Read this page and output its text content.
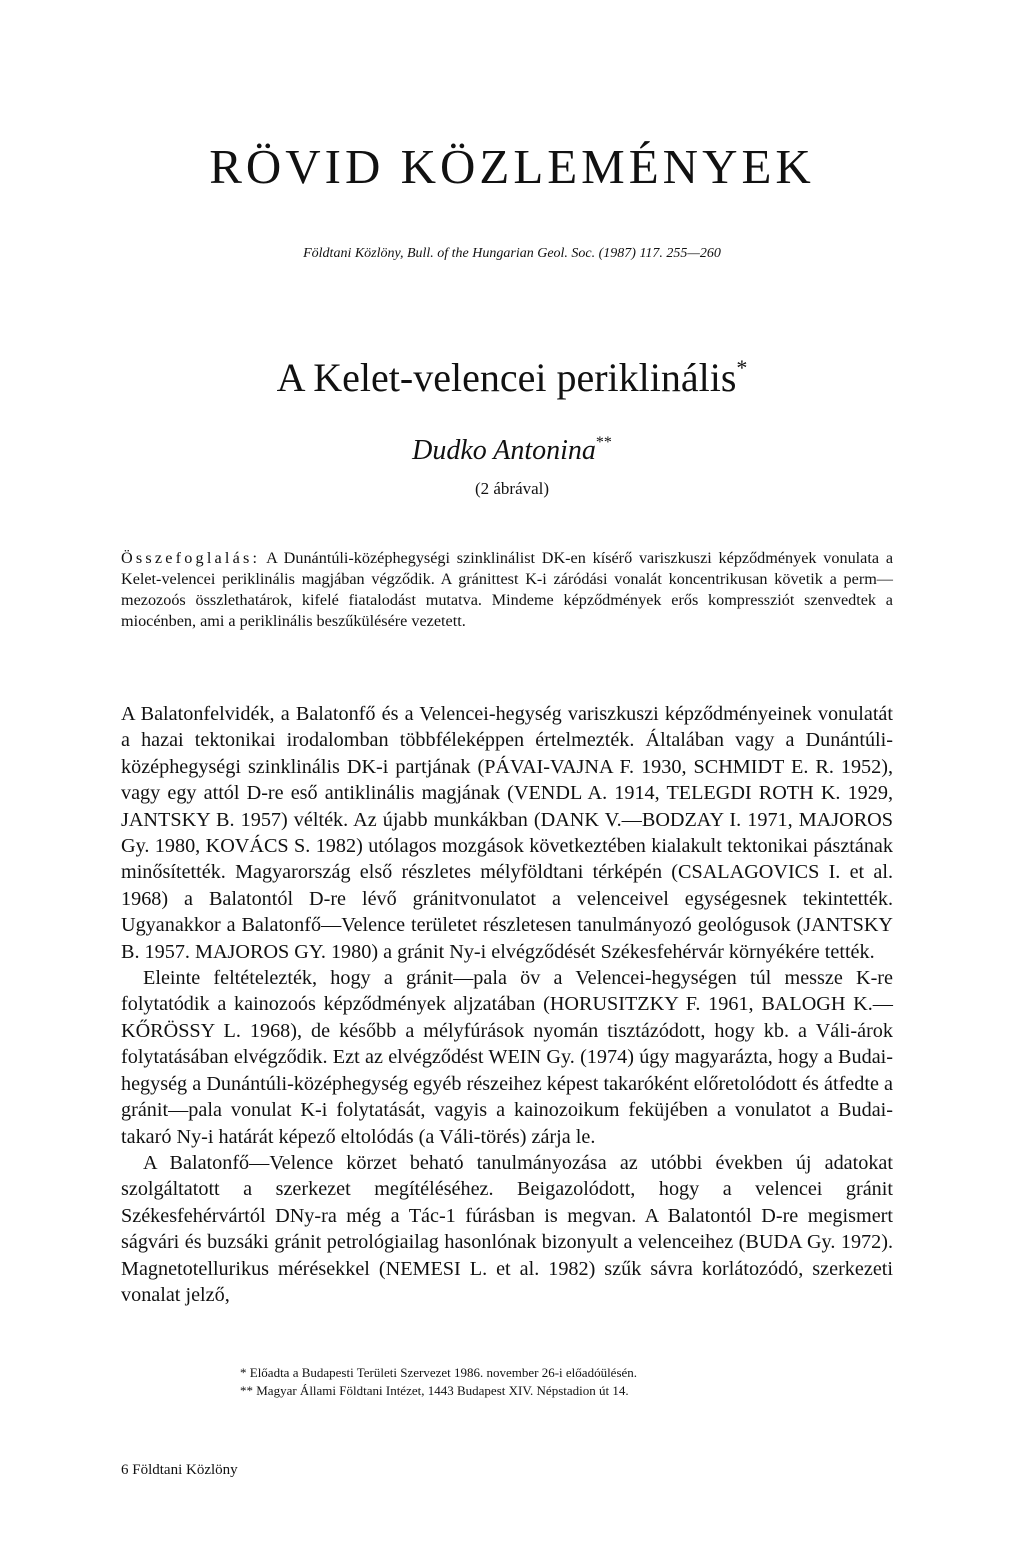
RÖVID KÖZLEMÉNYEK

Földtani Közlöny, Bull. of the Hungarian Geol. Soc. (1987) 117. 255—260

A Kelet-velencei periklinális*

Dudko Antonina**

(2 ábrával)

Összefoglalás: A Dunántúli-középhegységi szinklinálist DK-en kísérő variszkuszi képződmények vonulata a Kelet-velencei periklinális magjában végződik. A gránittest K-i záródási vonalát koncentrikusan követik a perm—mezozoós összlethatárok, kifelé fiatalodást mutatva. Mindeme képződmények erős kompressziót szenvedtek a miocénben, ami a periklinális beszűkülésére vezetett.

A Balatonfelvidék, a Balatonfő és a Velencei-hegység variszkuszi képződményeinek vonulatát a hazai tektonikai irodalomban többféleképpen értelmezték. Általában vagy a Dunántúli-középhegységi szinklinális DK-i partjának (PÁVAI-VAJNA F. 1930, SCHMIDT E. R. 1952), vagy egy attól D-re eső antiklinális magjának (VENDL A. 1914, TELEGDI ROTH K. 1929, JANTSKY B. 1957) vélték. Az újabb munkákban (DANK V.—BODZAY I. 1971, MAJOROS Gy. 1980, KOVÁCS S. 1982) utólagos mozgások következtében kialakult tektonikai pásztának minősítették. Magyarország első részletes mélyföldtani térképén (CSALAGOVICS I. et al. 1968) a Balatontól D-re lévő gránitvonulatot a velenceivel egységesnek tekintették. Ugyanakkor a Balatonfő—Velence területet részletesen tanulmányozó geológusok (JANTSKY B. 1957. MAJOROS GY. 1980) a gránit Ny-i elvégződését Székesfehérvár környékére tették.

Eleinte feltételezték, hogy a gránit—pala öv a Velencei-hegységen túl messze K-re folytatódik a kainozoós képződmények aljzatában (HORUSITZKY F. 1961, BALOGH K.—KŐRÖSSY L. 1968), de később a mélyfúrások nyomán tisztázódott, hogy kb. a Váli-árok folytatásában elvégződik. Ezt az elvégződést WEIN Gy. (1974) úgy magyarázta, hogy a Budai-hegység a Dunántúli-középhegység egyéb részeihez képest takaróként előretolódott és átfedte a gránit—pala vonulat K-i folytatását, vagyis a kainozoikum feküjében a vonulatot a Budai-takaró Ny-i határát képező eltolódás (a Váli-törés) zárja le.

A Balatonfő—Velence körzet beható tanulmányozása az utóbbi években új adatokat szolgáltatott a szerkezet megítéléséhez. Beigazolódott, hogy a velencei gránit Székesfehérvártól DNy-ra még a Tác-1 fúrásban is megvan. A Balatontól D-re megismert ságvári és buzsáki gránit petrológiailag hasonlónak bizonyult a velenceihez (BUDA Gy. 1972). Magnetotellurikus mérésekkel (NEMESI L. et al. 1982) szűk sávra korlátozódó, szerkezeti vonalat jelző,

* Előadta a Budapesti Területi Szervezet 1986. november 26-i előadóülésén.
** Magyar Állami Földtani Intézet, 1443 Budapest XIV. Népstadion út 14.

6 Földtani Közlöny
